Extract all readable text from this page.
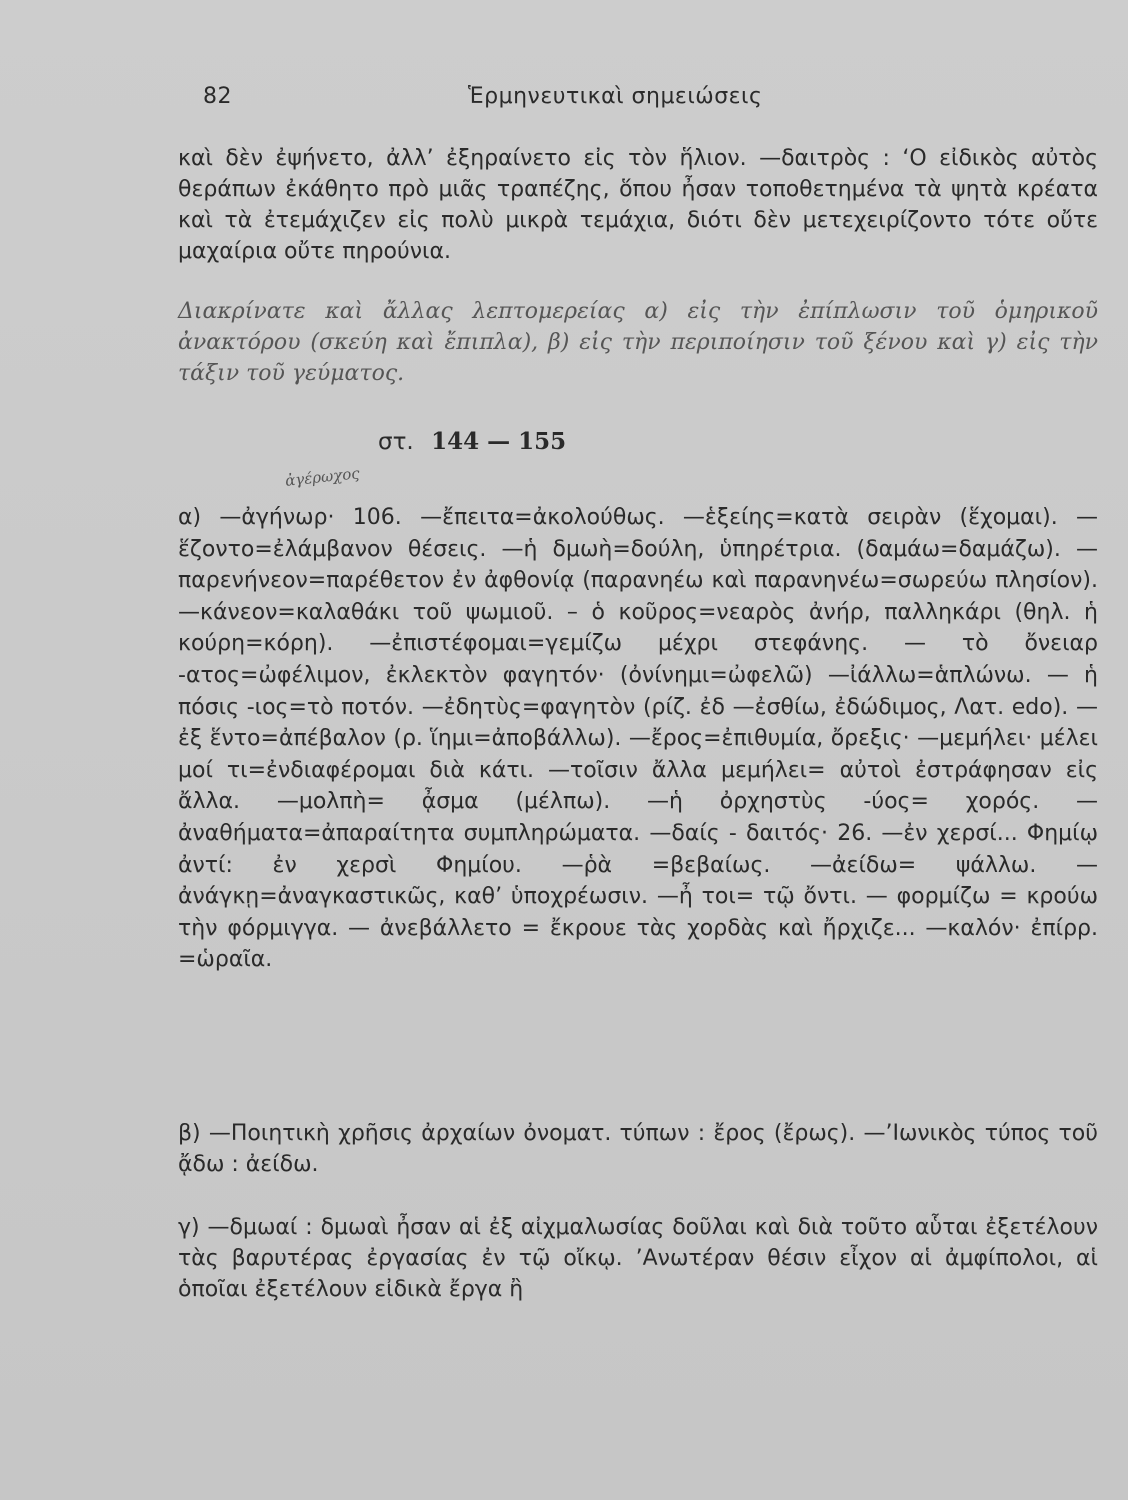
82	Ἑρμηνευτικαὶ σημειώσεις

καὶ δὲν ἐψήνετο, ἀλλ’ ἐξηραίνετο εἰς τὸν ἥλιον. —δαιτρὸς : ‘Ο εἰδικὸς αὐτὸς θεράπων ἐκάθητο πρὸ μιᾶς τραπέζης, ὅπου ἦσαν τοποθετημένα τὰ ψητὰ κρέατα καὶ τὰ ἐτεμάχιζεν εἰς πολὺ μικρὰ τεμάχια, διότι δὲν μετεχειρίζοντο τότε οὔτε μαχαίρια οὔτε πηρούνια.

Διακρίνατε καὶ ἄλλας λεπτομερείας α) εἰς τὴν ἐπίπλωσιν τοῦ ὁμηρικοῦ ἀνακτόρου (σκεύη καὶ ἔπιπλα), β) εἰς τὴν περιποίησιν τοῦ ξένου καὶ γ) εἰς τὴν τάξιν τοῦ γεύματος.

στ. 144 — 155
ἀγέρωχος

α) —ἀγήνωρ· 106. —ἔπειτα=ἀκολούθως. —ἑξείης=κατὰ σειρὰν (ἕχομαι). —ἕζοντο=ἐλάμβανον θέσεις. —ἡ δμωὴ=δούλη, ὑπηρέτρια. (δαμάω=δαμάζω). —παρενήνεον=παρέθετον ἐν ἀφθονίᾳ (παρανηέω καὶ παρανηνέω=σωρεύω πλησίον). —κάνεον=καλαθάκι τοῦ ψωμιοῦ. – ὁ κοῦρος=νεαρὸς ἀνήρ, παλληκάρι (θηλ. ἡ κούρη=κόρη). —ἐπιστέφομαι=γεμίζω μέχρι στεφάνης. — τὸ ὄνειαρ -ατος=ὠφέλιμον, ἐκλεκτὸν φαγητόν· (ὀνίνημι=ὠφελῶ) —ἰάλλω=ἁπλώνω. — ἡ πόσις -ιος=τὸ ποτόν. —ἐδητὺς=φαγητὸν (ρίζ. ἐδ —ἐσθίω, ἐδώδιμος, Λατ. edo). —ἐξ ἕντο=ἀπέβαλον (ρ. ἵημι=ἀποβάλλω). —ἔρος=ἐπιθυμία, ὄρεξις· —μεμήλει· μέλει μοί τι=ἐνδιαφέρομαι διὰ κάτι. —τοῖσιν ἄλλα μεμήλει= αὐτοὶ ἐστράφησαν εἰς ἄλλα. —μολπὴ= ᾆσμα (μέλπω). —ἡ ὀρχηστὺς -ύος= χορός. — ἀναθήματα=ἀπαραίτητα συμπληρώματα. —δαίς - δαιτός· 26. —ἐν χερσί... Φημίῳ ἀντί: ἐν χερσὶ Φημίου. —ῥὰ =βεβαίως. —ἀείδω= ψάλλω. —ἀνάγκῃ=ἀναγκαστικῶς, καθ’ ὑποχρέωσιν. —ἦ τοι= τῷ ὄντι. — φορμίζω = κρούω τὴν φόρμιγγα. — ἀνεβάλλετο = ἔκρουε τὰς χορδὰς καὶ ἤρχιζε... —καλόν· ἐπίρρ. =ὡραῖα.

β) —Ποιητικὴ χρῆσις ἀρχαίων ὀνοματ. τύπων : ἔρος (ἔρως). —’Ιωνικὸς τύπος τοῦ ᾄδω : ἀείδω.

γ) —δμωαί : δμωαὶ ἦσαν αἱ ἐξ αἰχμαλωσίας δοῦλαι καὶ διὰ τοῦτο αὗται ἐξετέλουν τὰς βαρυτέρας ἐργασίας ἐν τῷ οἴκῳ. ’Ανωτέραν θέσιν εἶχον αἱ ἀμφίπολοι, αἱ ὁποῖαι ἐξετέλουν εἰδικὰ ἔργα ἢ
